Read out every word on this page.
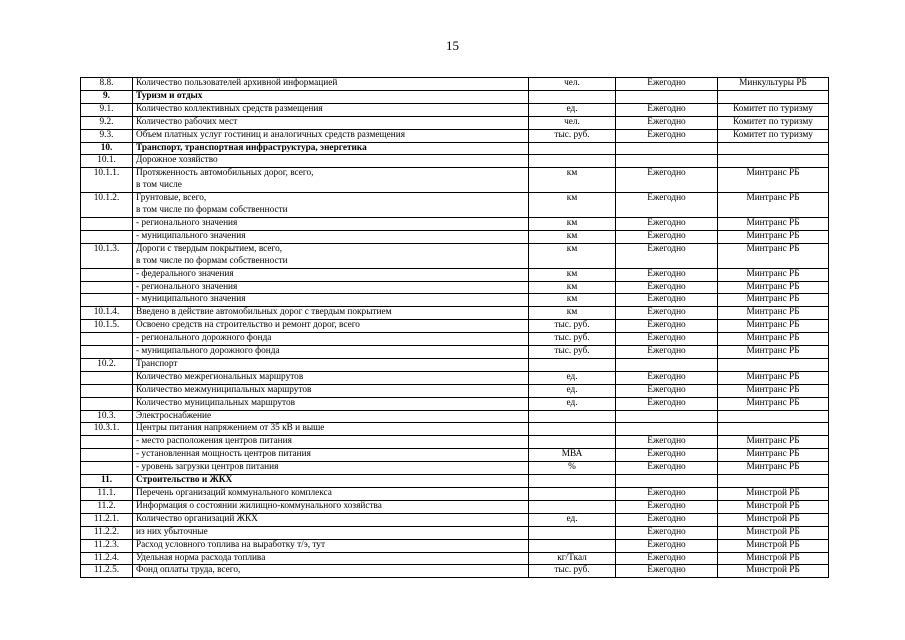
15
8.8.	Количество пользователей архивной информацией	чел.	Ежегодно	Минкультуры РБ
9.	Туризм и отдых			

9.1.	Количество коллективных средств размещения	ед.	Ежегодно	Комитет по туризму
9.2.	Количество рабочих мест	чел.	Ежегодно	Комитет по туризму
9.3.	Объем платных услуг гостиниц и аналогичных средств размещения	тыс. руб.	Ежегодно	Комитет по туризму
10.	Транспорт, транспортная инфраструктура, энергетика			

10.1.	Дорожное хозяйство			

10.1.1.	Протяженность автомобильных дорог, всего,
в том числе	км	Ежегодно	Минтранс РБ
10.1.2.	Грунтовые, всего,
в том числе по формам собственности	км	Ежегодно	Минтранс РБ

	- регионального значения	км	Ежегодно	Минтранс РБ

	- муниципального значения	км	Ежегодно	Минтранс РБ
10.1.3.	Дороги с твердым покрытием, всего,
в том числе по формам собственности	км	Ежегодно	Минтранс РБ

	- федерального значения	км	Ежегодно	Минтранс РБ

	- регионального значения	км	Ежегодно	Минтранс РБ

	- муниципального значения	км	Ежегодно	Минтранс РБ
10.1.4.	Введено в действие автомобильных дорог с твердым покрытием	км	Ежегодно	Минтранс РБ
10.1.5.	Освоено средств на строительство и ремонт дорог, всего	тыс. руб.	Ежегодно	Минтранс РБ

	- регионального дорожного фонда	тыс. руб.	Ежегодно	Минтранс РБ

	- муниципального дорожного фонда	тыс. руб.	Ежегодно	Минтранс РБ
10.2.	Транспорт			

	Количество межрегиональных маршрутов	ед.	Ежегодно	Минтранс РБ

	Количество межмуниципальных маршрутов	ед.	Ежегодно	Минтранс РБ

	Количество муниципальных маршрутов	ед.	Ежегодно	Минтранс РБ
10.3.	Электроснабжение			

10.3.1.	Центры питания напряжением от 35 кВ и выше			

	- место расположения центров питания		Ежегодно	Минтранс РБ

	- установленная мощность центров питания	МВА	Ежегодно	Минтранс РБ

	- уровень загрузки центров питания	%	Ежегодно	Минтранс РБ
11.	Строительство и ЖКХ			

11.1.	Перечень организаций коммунального комплекса		Ежегодно	Минстрой РБ
11.2.	Информация о состоянии жилищно-коммунального хозяйства		Ежегодно	Минстрой РБ
11.2.1.	Количество организаций ЖКХ	ед.	Ежегодно	Минстрой РБ
11.2.2.	из них убыточные		Ежегодно	Минстрой РБ
11.2.3.	Расход условного топлива на выработку т/э, тут		Ежегодно	Минстрой РБ
11.2.4.	Удельная норма расхода топлива	кг/Ткал	Ежегодно	Минстрой РБ
11.2.5.	Фонд оплаты труда, всего,	тыс. руб.	Ежегодно	Минстрой РБ
